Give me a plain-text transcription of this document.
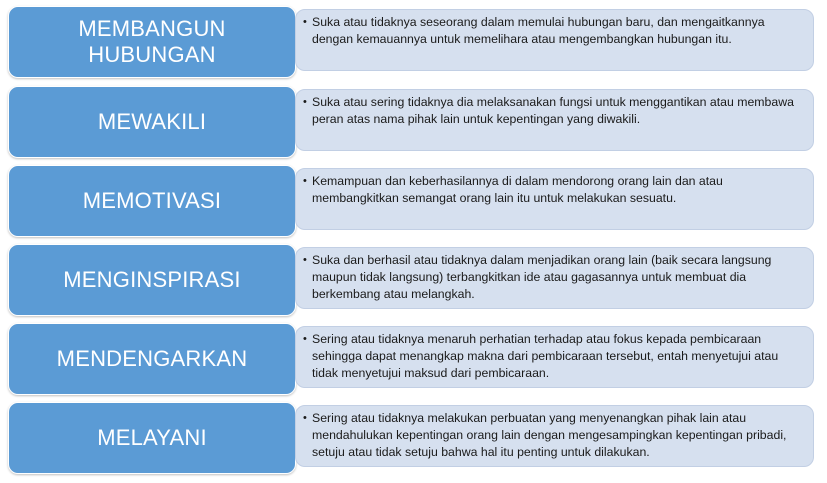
MEMBANGUN
HUBUNGAN
• Suka atau tidaknya seseorang dalam memulai hubungan baru, dan mengaitkannya dengan kemauannya untuk memelihara atau mengembangkan hubungan itu.
MEWAKILI
• Suka atau sering tidaknya dia melaksanakan fungsi untuk menggantikan atau membawa peran atas nama pihak lain untuk kepentingan yang diwakili.
MEMOTIVASI
• Kemampuan dan keberhasilannya di dalam mendorong orang lain dan atau membangkitkan semangat orang lain itu untuk melakukan sesuatu.
MENGINSPIRASI
• Suka dan berhasil atau tidaknya dalam menjadikan orang lain (baik secara langsung maupun tidak langsung) terbangkitkan ide atau gagasannya untuk membuat dia berkembang atau melangkah.
MENDENGARKAN
• Sering atau tidaknya menaruh perhatian terhadap atau fokus kepada pembicaraan sehingga dapat menangkap makna dari pembicaraan tersebut, entah menyetujui atau tidak menyetujui maksud dari pembicaraan.
MELAYANI
• Sering atau tidaknya melakukan perbuatan yang menyenangkan pihak lain atau mendahulukan kepentingan orang lain dengan mengesampingkan kepentingan pribadi, setuju atau tidak setuju bahwa hal itu penting untuk dilakukan.
